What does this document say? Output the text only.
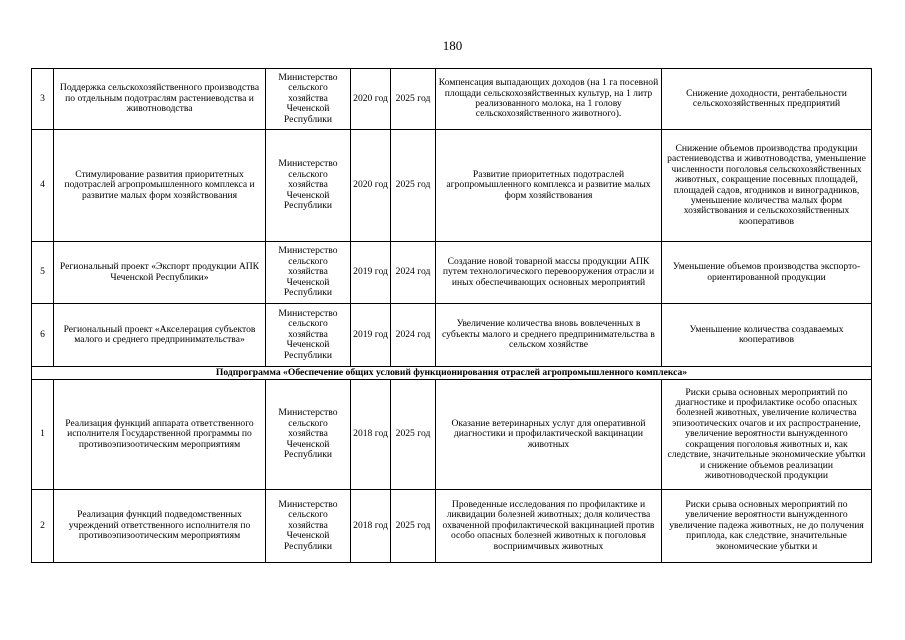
180
3	Поддержка сельскохозяйственного производства по отдельным подотраслям растениеводства и животноводства	Министерство сельского хозяйства Чеченской Республики	2020 год	2025 год	Компенсация выпадающих доходов (на 1 га посевной площади сельскохозяйственных культур, на 1 литр реализованного молока, на 1 голову сельскохозяйственного животного).	Снижение доходности, рентабельности сельскохозяйственных предприятий
4	Стимулирование развития приоритетных подотраслей агропромышленного комплекса и развитие малых форм хозяйствования	Министерство сельского хозяйства Чеченской Республики	2020 год	2025 год	Развитие приоритетных подотраслей агропромышленного комплекса и развитие малых форм хозяйствования	Снижение объемов производства продукции растениеводства и животноводства, уменьшение численности поголовья сельскохозяйственных животных, сокращение посевных площадей, площадей садов, ягодников и виноградников, уменьшение количества малых форм хозяйствования и сельскохозяйственных кооперативов
5	Региональный проект «Экспорт продукции АПК Чеченской Республики»	Министерство сельского хозяйства Чеченской Республики	2019 год	2024 год	Создание новой товарной массы продукции АПК путем технологического перевооружения отрасли и иных обеспечивающих основных мероприятий	Уменьшение объемов производства экспорто-ориентированной продукции
6	Региональный проект «Акселерация субъектов малого и среднего предпринимательства»	Министерство сельского хозяйства Чеченской Республики	2019 год	2024 год	Увеличение количества вновь вовлеченных в субъекты малого и среднего предпринимательства в сельском хозяйстве	Уменьшение количества создаваемых кооперативов
Подпрограмма «Обеспечение общих условий функционирования отраслей агропромышленного комплекса»						
1	Реализация функций аппарата ответственного исполнителя Государственной программы по противоэпизоотическим мероприятиям	Министерство сельского хозяйства Чеченской Республики	2018 год	2025 год	Оказание ветеринарных услуг для оперативной диагностики и профилактической вакцинации животных	Риски срыва основных мероприятий по диагностике и профилактике особо опасных болезней животных, увеличение количества эпизоотических очагов и их распространение, увеличение вероятности вынужденного сокращения поголовья животных и, как следствие, значительные экономические убытки и снижение объемов реализации животноводческой продукции
2	Реализация функций подведомственных учреждений ответственного исполнителя по противоэпизоотическим мероприятиям	Министерство сельского хозяйства Чеченской Республики	2018 год	2025 год	Проведенные исследования по профилактике и ликвидации болезней животных; доля количества охваченной профилактической вакцинацией против особо опасных болезней животных к поголовья восприимчивых животных	Риски срыва основных мероприятий по увеличение вероятности вынужденного увеличение падежа животных, не до получения приплода, как следствие, значительные экономические убытки и
